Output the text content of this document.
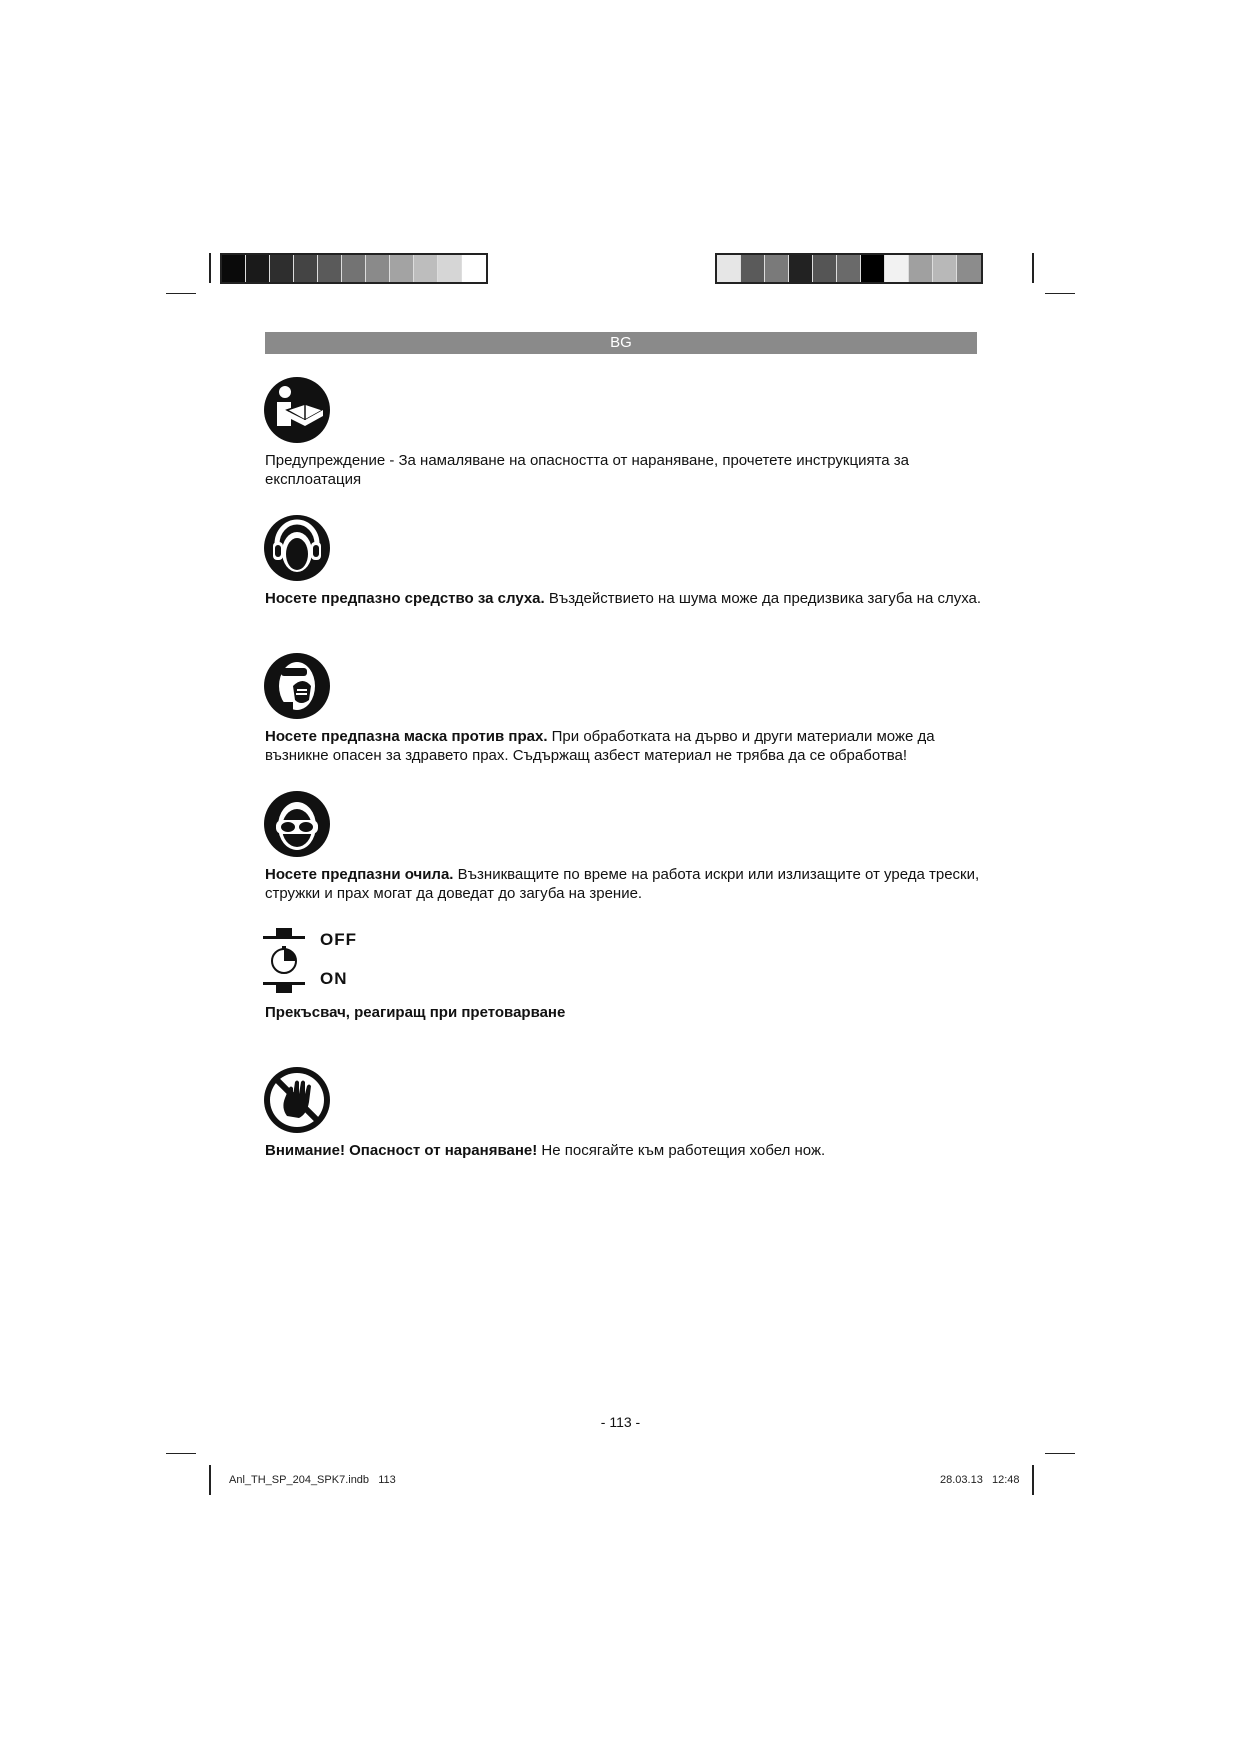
BG
Предупреждение - За намаляване на опасността от нараняване, прочетете инструкцията за експлоатация
Носете предпазно средство за слуха. Въздействието на шума може да предизвика загуба на слуха.
Носете предпазна маска против прах. При обработката на дърво и други материали може да възникне опасен за здравето прах. Съдържащ азбест материал не трябва да се обработва!
Носете предпазни очила. Възникващите по време на работа искри или излизащите от уреда трески, стружки и прах могат да доведат до загуба на зрение.
OFF
ON
Прекъсвач, реагиращ при претоварване
Внимание! Опасност от нараняване! Не посягайте към работещия хобел нож.
- 113 -
Anl_TH_SP_204_SPK7.indb   113	28.03.13 12:48
